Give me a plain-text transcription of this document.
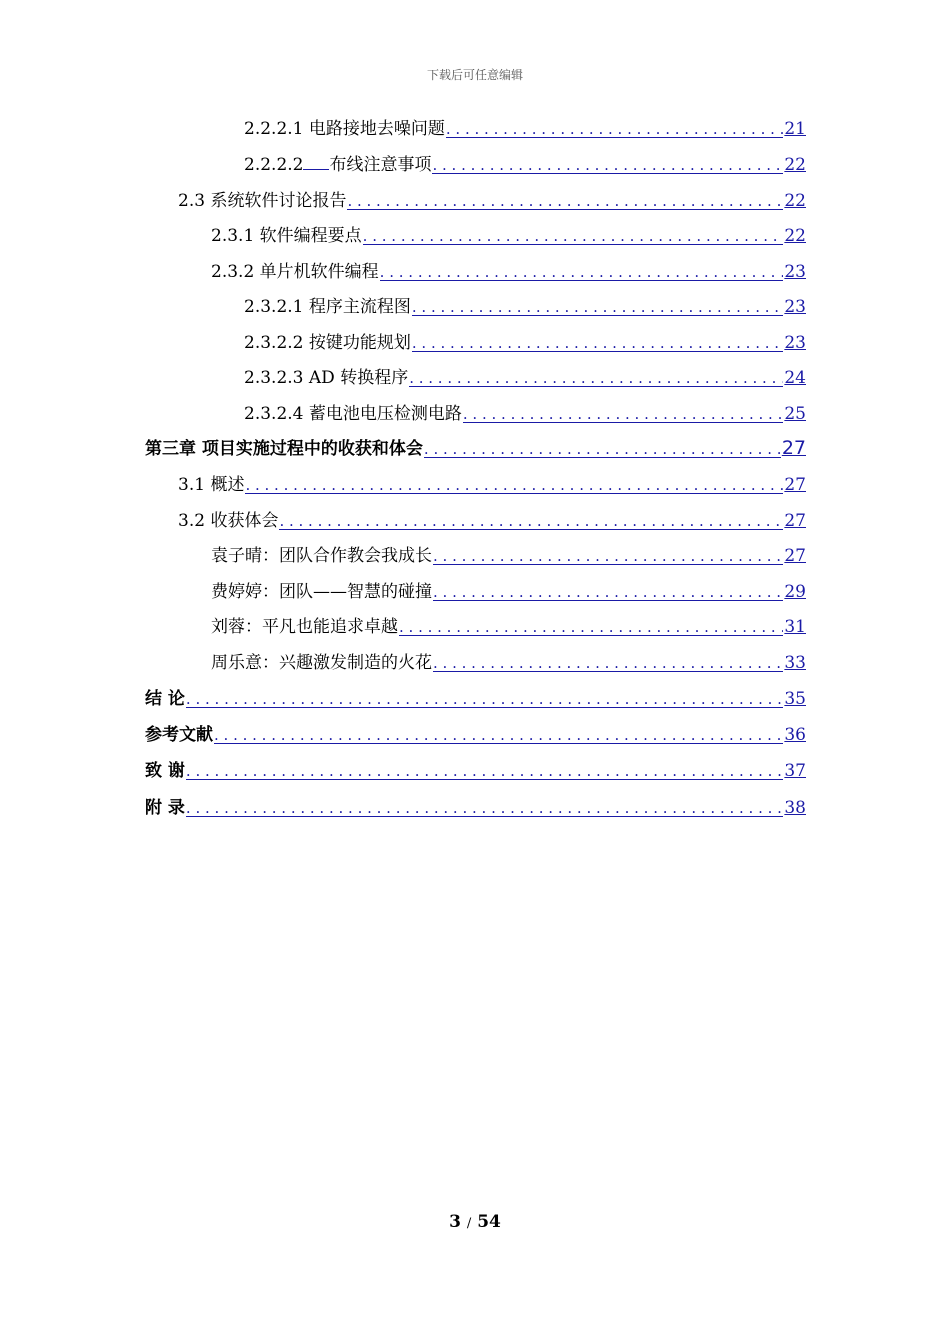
下载后可任意编辑
2.2.2.1 电路接地去噪问题 . . .	21
2.2.2.2 布线注意事项 . . .	22
2.3 系统软件讨论报告 . . .	22
2.3.1 软件编程要点 . . .	22
2.3.2 单片机软件编程 . . .	23
2.3.2.1 程序主流程图 . . .	23
2.3.2.2 按键功能规划 . . .	23
2.3.2.3 AD 转换程序 . . .	24
2.3.2.4 蓄电池电压检测电路 . . .	25
第三章 项目实施过程中的收获和体会 . . .	27
3.1 概述 . . .	27
3.2 收获体会 . . .	27
袁子晴：团队合作教会我成长 . . .	27
费婷婷：团队——智慧的碰撞 . . .	29
刘蓉：平凡也能追求卓越 . . .	31
周乐意：兴趣激发制造的火花 . . .	33
结 论 . . .	35
参考文献 . . .	36
致 谢 . . .	37
附 录 . . .	38
3 / 54
